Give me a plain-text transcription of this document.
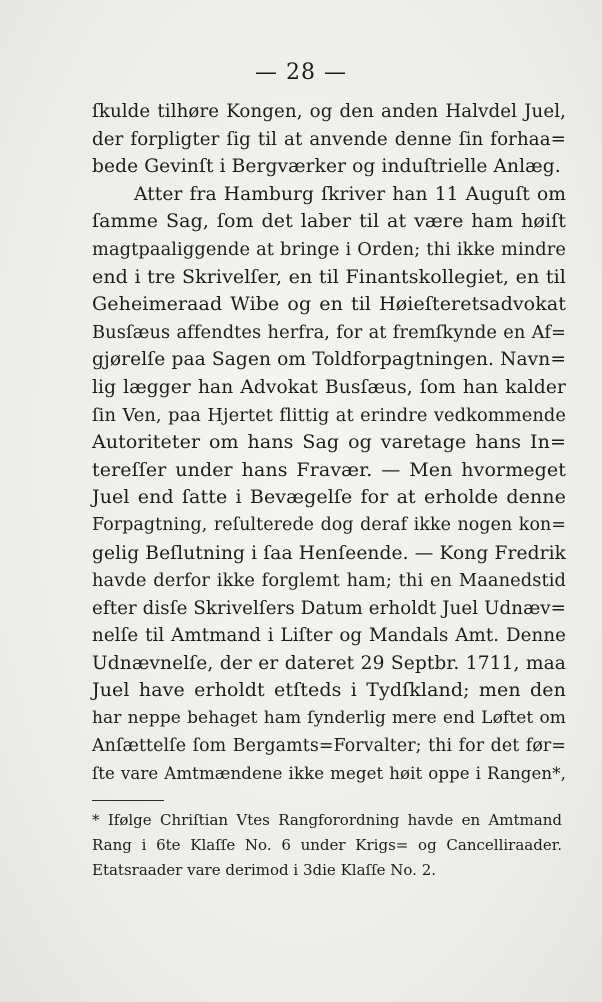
— 28 —
ſkulde tilhøre Kongen, og den anden Halvdel Juel,
der forpligter ſig til at anvende denne ſin forhaa=
bede Gevinſt i Bergværker og induſtrielle Anlæg.
Atter fra Hamburg ſkriver han 11 Auguſt om
ſamme Sag, ſom det laber til at være ham høiſt
magtpaaliggende at bringe i Orden; thi ikke mindre
end i tre Skrivelſer, en til Finantskollegiet, en til
Geheimeraad Wibe og en til Høieſteretsadvokat
Busſæus affendtes herfra, for at fremſkynde en Af=
gjørelſe paa Sagen om Toldforpagtningen. Navn=
lig lægger han Advokat Busſæus, ſom han kalder
ſin Ven, paa Hjertet flittig at erindre vedkommende
Autoriteter om hans Sag og varetage hans In=
tereſſer under hans Fravær. — Men hvormeget
Juel end ſatte i Bevægelſe for at erholde denne
Forpagtning, reſulterede dog deraf ikke nogen kon=
gelig Beſlutning i ſaa Henſeende. — Kong Fredrik
havde derfor ikke forglemt ham; thi en Maanedstid
efter disſe Skrivelſers Datum erholdt Juel Udnæv=
nelſe til Amtmand i Liſter og Mandals Amt. Denne
Udnævnelſe, der er dateret 29 Septbr. 1711, maa
Juel have erholdt etſteds i Tydſkland; men den
har neppe behaget ham ſynderlig mere end Løftet om
Anſættelſe ſom Bergamts=Forvalter; thi for det før=
ſte vare Amtmændene ikke meget høit oppe i Rangen*,
* Ifølge Chriſtian Vtes Rangforordning havde en Amtmand
Rang i 6te Klaſſe No. 6 under Krigs= og Cancelliraader.
Etatsraader vare derimod i 3die Klaſſe No. 2.
